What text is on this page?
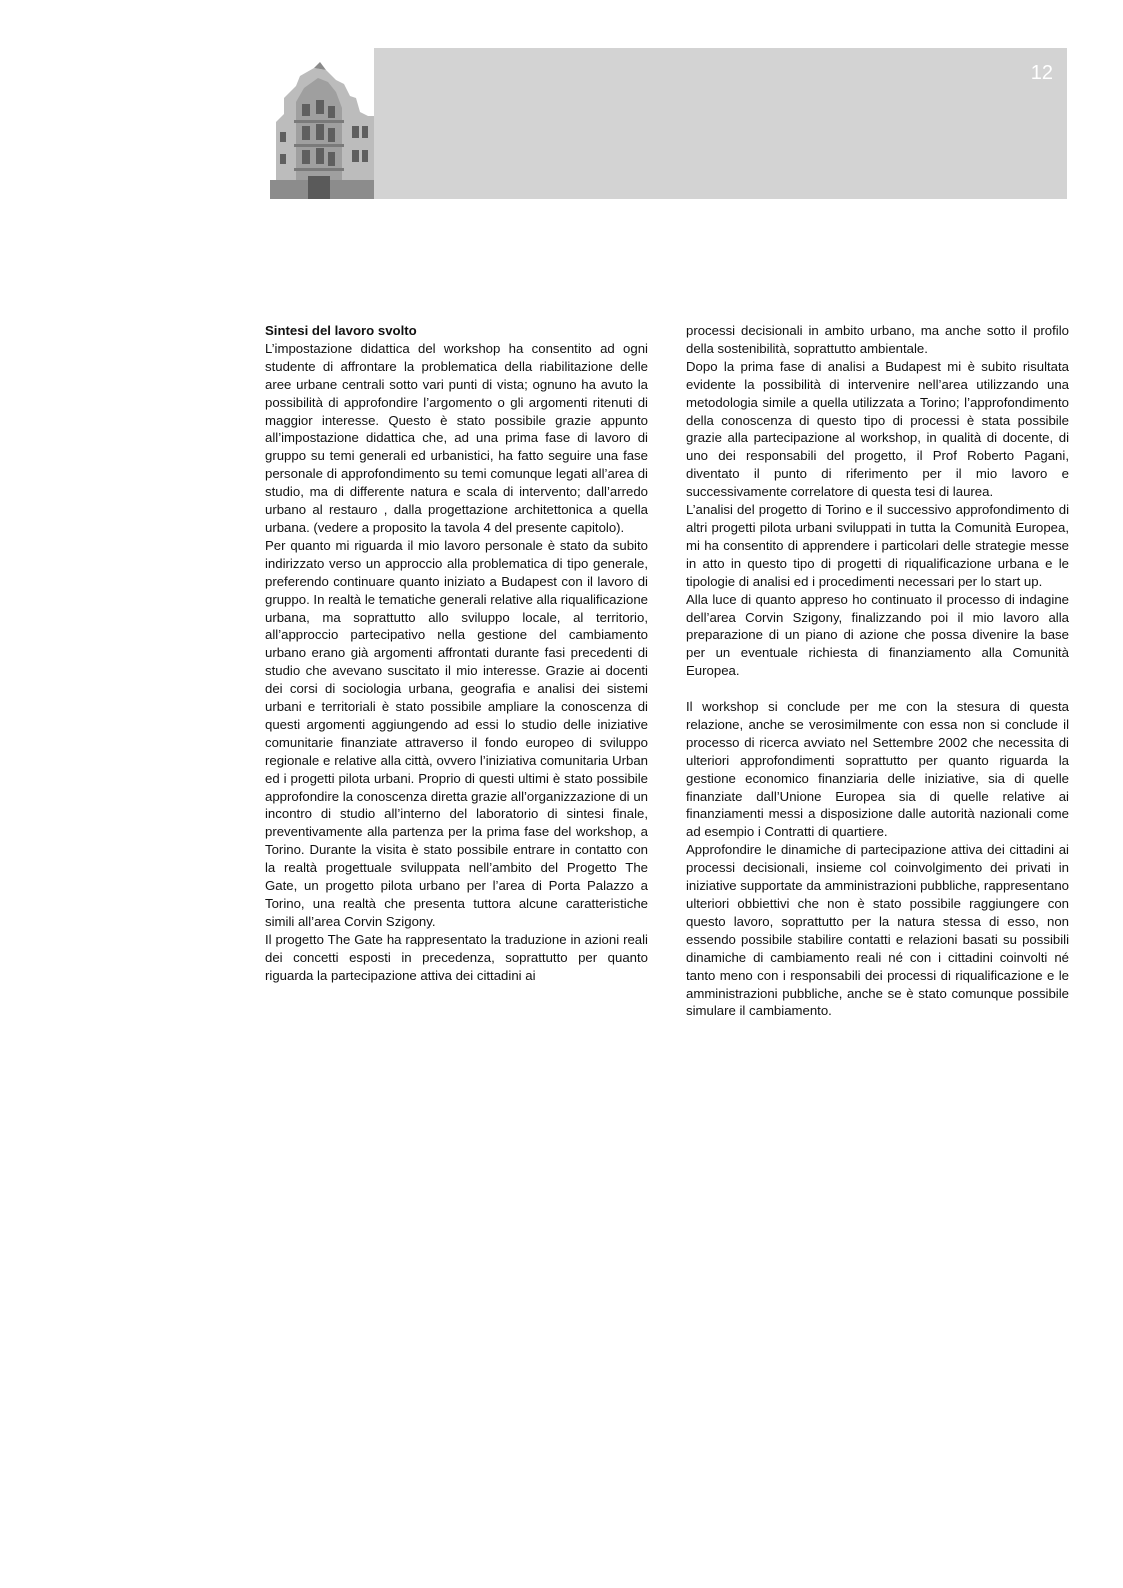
12

Sintesi del lavoro svolto

L’impostazione didattica del workshop ha consentito ad ogni studente di affrontare la problematica della riabilitazione delle aree urbane centrali sotto vari punti di vista; ognuno ha avuto la possibilità di approfondire l’argomento o gli argomenti ritenuti di maggior interesse. Questo è stato possibile grazie appunto all’impostazione didattica che, ad una prima fase di lavoro di gruppo su temi generali ed urbanistici, ha fatto seguire una fase personale di approfondimento su temi comunque legati all’area di studio, ma di differente natura e scala di intervento; dall’arredo urbano al restauro , dalla progettazione architettonica a quella urbana. (vedere a proposito la tavola 4 del presente capitolo).

Per quanto mi riguarda il mio lavoro personale è stato da subito indirizzato verso un approccio alla problematica di tipo generale, preferendo continuare quanto iniziato a Budapest con il lavoro di gruppo. In realtà le tematiche generali relative alla riqualificazione urbana, ma soprattutto allo sviluppo locale, al territorio, all’approccio partecipativo nella gestione del cambiamento urbano erano già argomenti affrontati durante fasi precedenti di studio che avevano suscitato il mio interesse. Grazie ai docenti dei corsi di sociologia urbana, geografia e analisi dei sistemi urbani e territoriali è stato possibile ampliare la conoscenza di questi argomenti aggiungendo ad essi lo studio delle iniziative comunitarie finanziate attraverso il fondo europeo di sviluppo regionale e relative alla città, ovvero l’iniziativa comunitaria Urban ed i progetti pilota urbani. Proprio di questi ultimi è stato possibile approfondire la conoscenza diretta grazie all’organizzazione di un incontro di studio all’interno del laboratorio di sintesi finale, preventivamente alla partenza per la prima fase del workshop, a Torino. Durante la visita è stato possibile entrare in contatto con la realtà progettuale sviluppata nell’ambito del Progetto The Gate, un progetto pilota urbano per l’area di Porta Palazzo a Torino, una realtà che presenta tuttora alcune caratteristiche simili all’area Corvin Szigony.

Il progetto The Gate ha rappresentato la traduzione in azioni reali dei concetti esposti in precedenza, soprattutto per quanto riguarda la partecipazione attiva dei cittadini ai

processi decisionali in ambito urbano, ma anche sotto il profilo della sostenibilità, soprattutto ambientale.

Dopo la prima fase di analisi a Budapest mi è subito risultata evidente la possibilità di intervenire nell’area utilizzando una metodologia simile a quella utilizzata a Torino; l’approfondimento della conoscenza di questo tipo di processi è stata possibile grazie alla partecipazione al workshop, in qualità di docente, di uno dei responsabili del progetto, il Prof Roberto Pagani, diventato il punto di riferimento per il mio lavoro e successivamente correlatore di questa tesi di laurea.

L’analisi del progetto di Torino e il successivo approfondimento di altri progetti pilota urbani sviluppati in tutta la Comunità Europea, mi ha consentito di apprendere i particolari delle strategie messe in atto in questo tipo di progetti di riqualificazione urbana e le tipologie di analisi ed i procedimenti necessari per lo start up.

Alla luce di quanto appreso ho continuato il processo di indagine dell’area Corvin Szigony, finalizzando poi il mio lavoro alla preparazione di un piano di azione che possa divenire la base per un eventuale richiesta di finanziamento alla Comunità Europea.

Il workshop si conclude per me con la stesura di questa relazione, anche se verosimilmente con essa non si conclude il processo di ricerca avviato nel Settembre 2002 che necessita di ulteriori approfondimenti soprattutto per quanto riguarda la gestione economico finanziaria delle iniziative, sia di quelle finanziate dall’Unione Europea sia di quelle relative ai finanziamenti messi a disposizione dalle autorità nazionali come ad esempio i Contratti di quartiere.

Approfondire le dinamiche di partecipazione attiva dei cittadini ai processi decisionali, insieme col coinvolgimento dei privati in iniziative supportate da amministrazioni pubbliche, rappresentano ulteriori obbiettivi che non è stato possibile raggiungere con questo lavoro, soprattutto per la natura stessa di esso, non essendo possibile stabilire contatti e relazioni basati su possibili dinamiche di cambiamento reali né con i cittadini coinvolti né tanto meno con i responsabili dei processi di riqualificazione e le amministrazioni pubbliche, anche se è stato comunque possibile simulare il cambiamento.
